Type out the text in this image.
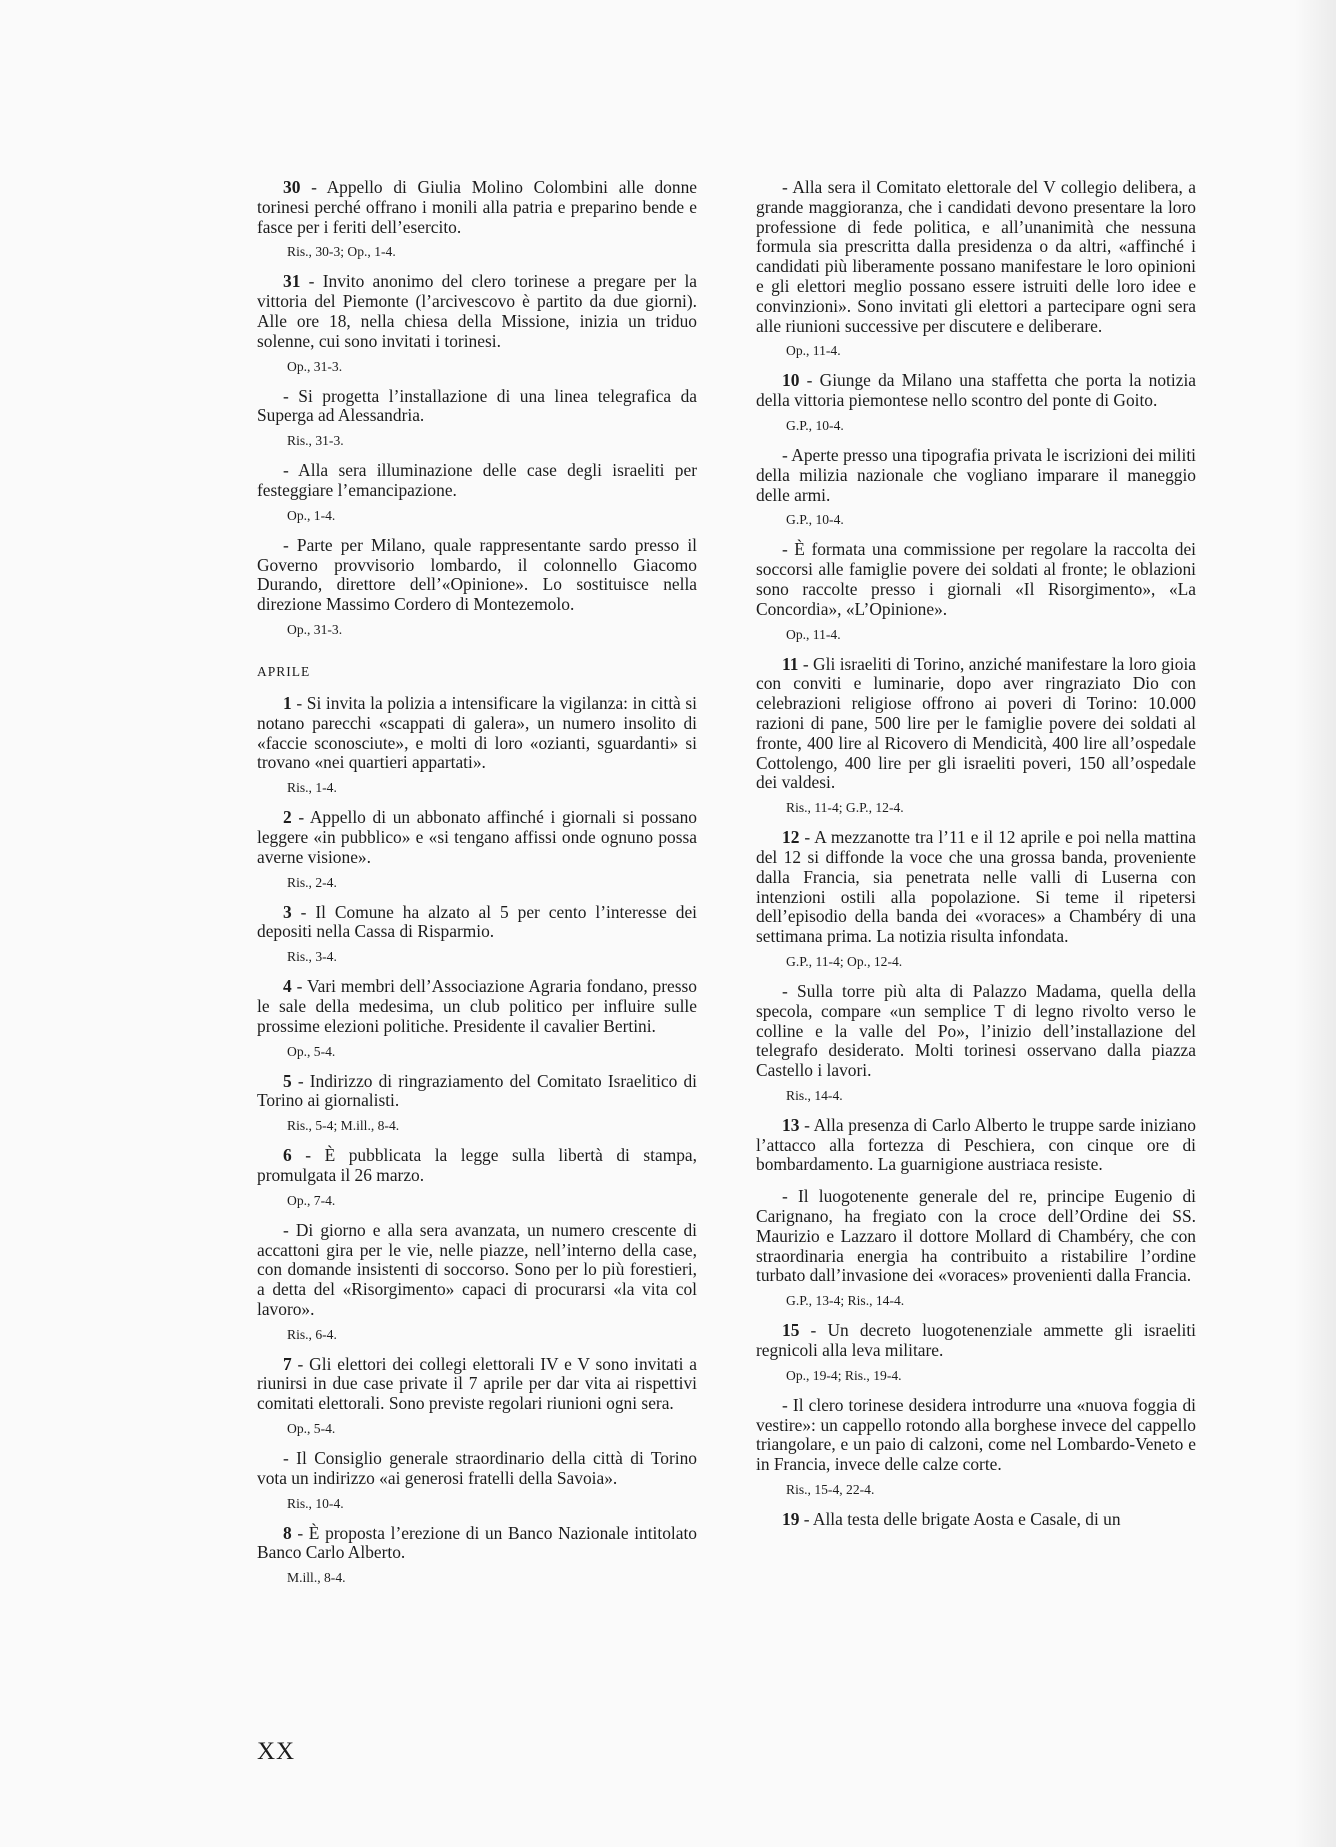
30 - Appello di Giulia Molino Colombini alle donne torinesi perché offrano i monili alla patria e preparino bende e fasce per i feriti dell’esercito.

Ris., 30-3; Op., 1-4.

31 - Invito anonimo del clero torinese a pregare per la vittoria del Piemonte (l’arcivescovo è partito da due giorni). Alle ore 18, nella chiesa della Missione, inizia un triduo solenne, cui sono invitati i torinesi.

Op., 31-3.

- Si progetta l’installazione di una linea telegrafica da Superga ad Alessandria.

Ris., 31-3.

- Alla sera illuminazione delle case degli israeliti per festeggiare l’emancipazione.

Op., 1-4.

- Parte per Milano, quale rappresentante sardo presso il Governo provvisorio lombardo, il colonnello Giacomo Durando, direttore dell’«Opinione». Lo sostituisce nella direzione Massimo Cordero di Montezemolo.

Op., 31-3.
APRILE

1 - Si invita la polizia a intensificare la vigilanza: in città si notano parecchi «scappati di galera», un numero insolito di «faccie sconosciute», e molti di loro «ozianti, sguardanti» si trovano «nei quartieri appartati».

Ris., 1-4.

2 - Appello di un abbonato affinché i giornali si possano leggere «in pubblico» e «si tengano affissi onde ognuno possa averne visione».

Ris., 2-4.

3 - Il Comune ha alzato al 5 per cento l’interesse dei depositi nella Cassa di Risparmio.

Ris., 3-4.

4 - Vari membri dell’Associazione Agraria fondano, presso le sale della medesima, un club politico per influire sulle prossime elezioni politiche. Presidente il cavalier Bertini.

Op., 5-4.

5 - Indirizzo di ringraziamento del Comitato Israelitico di Torino ai giornalisti.

Ris., 5-4; M.ill., 8-4.

6 - È pubblicata la legge sulla libertà di stampa, promulgata il 26 marzo.

Op., 7-4.

- Di giorno e alla sera avanzata, un numero crescente di accattoni gira per le vie, nelle piazze, nell’interno della case, con domande insistenti di soccorso. Sono per lo più forestieri, a detta del «Risorgimento» capaci di procurarsi «la vita col lavoro».

Ris., 6-4.

7 - Gli elettori dei collegi elettorali IV e V sono invitati a riunirsi in due case private il 7 aprile per dar vita ai rispettivi comitati elettorali. Sono previste regolari riunioni ogni sera.

Op., 5-4.

- Il Consiglio generale straordinario della città di Torino vota un indirizzo «ai generosi fratelli della Savoia».

Ris., 10-4.

8 - È proposta l’erezione di un Banco Nazionale intitolato Banco Carlo Alberto.

M.ill., 8-4.

- Alla sera il Comitato elettorale del V collegio delibera, a grande maggioranza, che i candidati devono presentare la loro professione di fede politica, e all’unanimità che nessuna formula sia prescritta dalla presidenza o da altri, «affinché i candidati più liberamente possano manifestare le loro opinioni e gli elettori meglio possano essere istruiti delle loro idee e convinzioni». Sono invitati gli elettori a partecipare ogni sera alle riunioni successive per discutere e deliberare.

Op., 11-4.

10 - Giunge da Milano una staffetta che porta la notizia della vittoria piemontese nello scontro del ponte di Goito.

G.P., 10-4.

- Aperte presso una tipografia privata le iscrizioni dei militi della milizia nazionale che vogliano imparare il maneggio delle armi.

G.P., 10-4.

- È formata una commissione per regolare la raccolta dei soccorsi alle famiglie povere dei soldati al fronte; le oblazioni sono raccolte presso i giornali «Il Risorgimento», «La Concordia», «L’Opinione».

Op., 11-4.

11 - Gli israeliti di Torino, anziché manifestare la loro gioia con conviti e luminarie, dopo aver ringraziato Dio con celebrazioni religiose offrono ai poveri di Torino: 10.000 razioni di pane, 500 lire per le famiglie povere dei soldati al fronte, 400 lire al Ricovero di Mendicità, 400 lire all’ospedale Cottolengo, 400 lire per gli israeliti poveri, 150 all’ospedale dei valdesi.

Ris., 11-4; G.P., 12-4.

12 - A mezzanotte tra l’11 e il 12 aprile e poi nella mattina del 12 si diffonde la voce che una grossa banda, proveniente dalla Francia, sia penetrata nelle valli di Luserna con intenzioni ostili alla popolazione. Si teme il ripetersi dell’episodio della banda dei «voraces» a Chambéry di una settimana prima. La notizia risulta infondata.

G.P., 11-4; Op., 12-4.

- Sulla torre più alta di Palazzo Madama, quella della specola, compare «un semplice T di legno rivolto verso le colline e la valle del Po», l’inizio dell’installazione del telegrafo desiderato. Molti torinesi osservano dalla piazza Castello i lavori.

Ris., 14-4.

13 - Alla presenza di Carlo Alberto le truppe sarde iniziano l’attacco alla fortezza di Peschiera, con cinque ore di bombardamento. La guarnigione austriaca resiste.

- Il luogotenente generale del re, principe Eugenio di Carignano, ha fregiato con la croce dell’Ordine dei SS. Maurizio e Lazzaro il dottore Mollard di Chambéry, che con straordinaria energia ha contribuito a ristabilire l’ordine turbato dall’invasione dei «voraces» provenienti dalla Francia.

G.P., 13-4; Ris., 14-4.

15 - Un decreto luogotenenziale ammette gli israeliti regnicoli alla leva militare.

Op., 19-4; Ris., 19-4.

- Il clero torinese desidera introdurre una «nuova foggia di vestire»: un cappello rotondo alla borghese invece del cappello triangolare, e un paio di calzoni, come nel Lombardo-Veneto e in Francia, invece delle calze corte.

Ris., 15-4, 22-4.

19 - Alla testa delle brigate Aosta e Casale, di un

XX
